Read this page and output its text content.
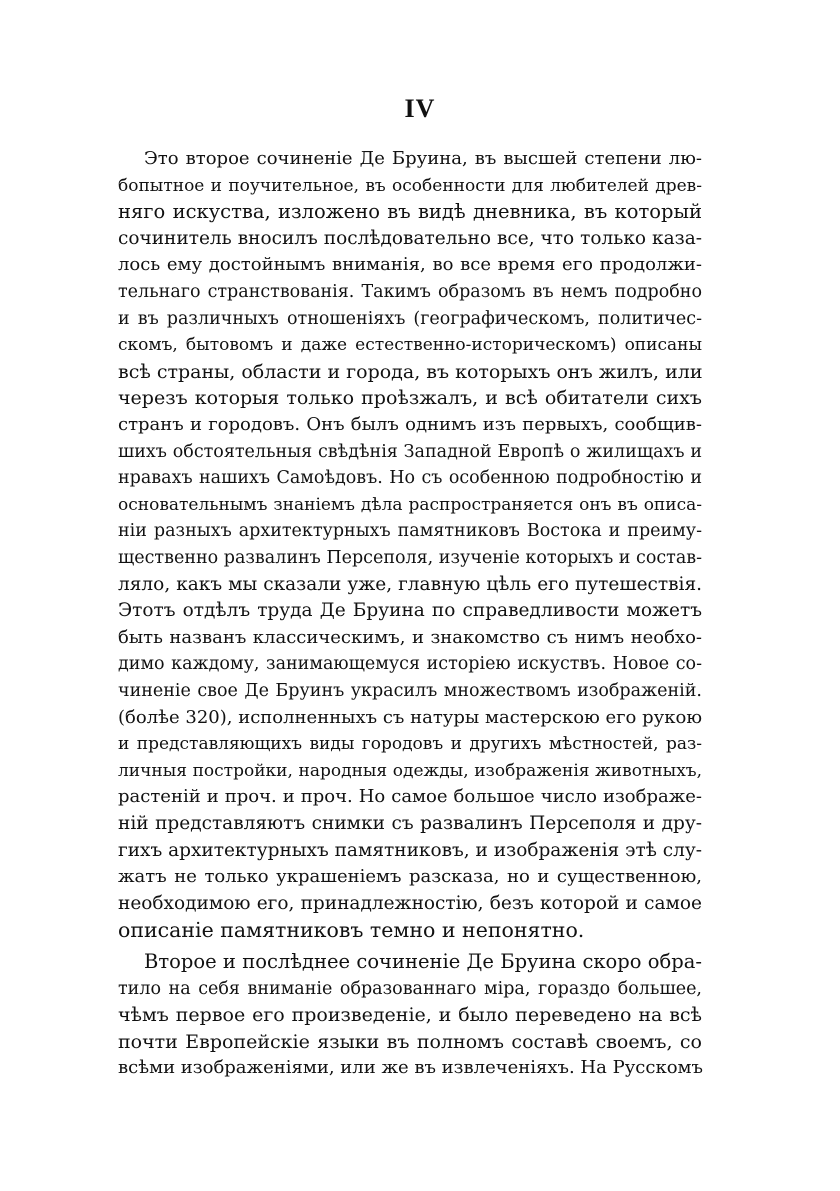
IV
Это второе сочиненіе Де Бруина, въ высшей степени лю-
бопытное и поучительное, въ особенности для любителей древ-
няго искуства, изложено въ видѣ дневника, въ который
сочинитель вносилъ послѣдовательно все, что только каза-
лось ему достойнымъ вниманія, во все время его продолжи-
тельнаго странствованія. Такимъ образомъ въ немъ подробно
и въ различныхъ отношеніяхъ (географическомъ, политичес-
скомъ, бытовомъ и даже естественно-историческомъ) описаны
всѣ страны, области и города, въ которыхъ онъ жилъ, или
черезъ которыя только проѣзжалъ, и всѣ обитатели сихъ
странъ и городовъ. Онъ былъ однимъ изъ первыхъ, сообщив-
шихъ обстоятельныя свѣдѣнія Западной Европѣ о жилищахъ и
нравахъ нашихъ Самоѣдовъ. Но съ особенною подробностію и
основательнымъ знаніемъ дѣла распространяется онъ въ описа-
ніи разныхъ архитектурныхъ памятниковъ Востока и преиму-
щественно развалинъ Персеполя, изученіе которыхъ и состав-
ляло, какъ мы сказали уже, главную цѣль его путешествія.
Этотъ отдѣлъ труда Де Бруина по справедливости можетъ
быть названъ классическимъ, и знакомство съ нимъ необхо-
димо каждому, занимающемуся исторіею искуствъ. Новое со-
чиненіе свое Де Бруинъ украсилъ множествомъ изображеній.
(болѣе 320), исполненныхъ съ натуры мастерскою его рукою
и представляющихъ виды городовъ и другихъ мѣстностей, раз-
личныя постройки, народныя одежды, изображенія животныхъ,
растеній и проч. и проч. Но самое большое число изображе-
ній представляютъ снимки съ развалинъ Персеполя и дру-
гихъ архитектурныхъ памятниковъ, и изображенія этѣ слу-
жатъ не только украшеніемъ разсказа, но и существенною,
необходимою его, принадлежностію, безъ которой и самое
описаніе памятниковъ темно и непонятно.
Второе и послѣднее сочиненіе Де Бруина скоро обра-
тило на себя вниманіе образованнаго міра, гораздо большее,
чѣмъ первое его произведеніе, и было переведено на всѣ
почти Европейскіе языки въ полномъ составѣ своемъ, со
всѣми изображеніями, или же въ извлеченіяхъ. На Русскомъ
